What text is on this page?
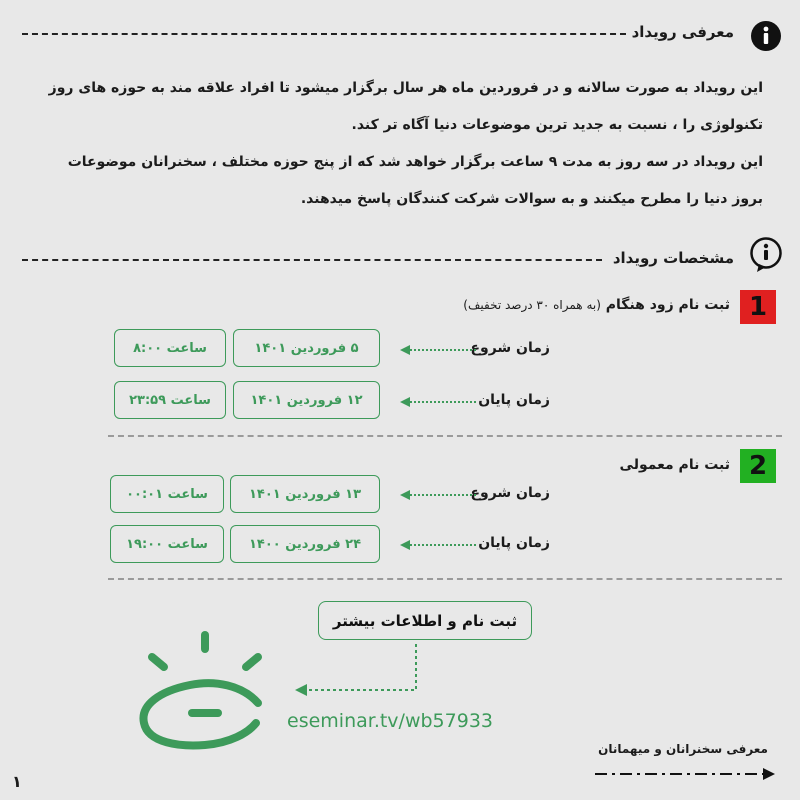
معرفی رویداد
این رویداد به صورت سالانه و در فروردین ماه هر سال برگزار میشود تا افراد علاقه مند به حوزه های روز
تکنولوژی را ، نسبت به جدید ترین موضوعات دنیا آگاه تر کند.
این رویداد در سه روز به مدت ۹ ساعت برگزار خواهد شد که از پنج حوزه مختلف ، سخنرانان موضوعات
بروز دنیا را مطرح میکنند و به سوالات شرکت کنندگان پاسخ میدهند.
مشخصات رویداد
1
ثبت نام زود هنگام (به همراه ۳۰ درصد تخفیف)
زمان شروع
۵ فروردین ۱۴۰۱
ساعت ۸:۰۰
زمان پایان
۱۲ فروردین ۱۴۰۱
ساعت ۲۳:۵۹
2
ثبت نام معمولی
زمان شروع
۱۳ فروردین ۱۴۰۱
ساعت ۰۰:۰۱
زمان پایان
۲۴ فروردین ۱۴۰۰
ساعت ۱۹:۰۰
ثبت نام و اطلاعات بیشتر
eseminar.tv/wb57933
معرفی سخنرانان و میهمانان
۱
